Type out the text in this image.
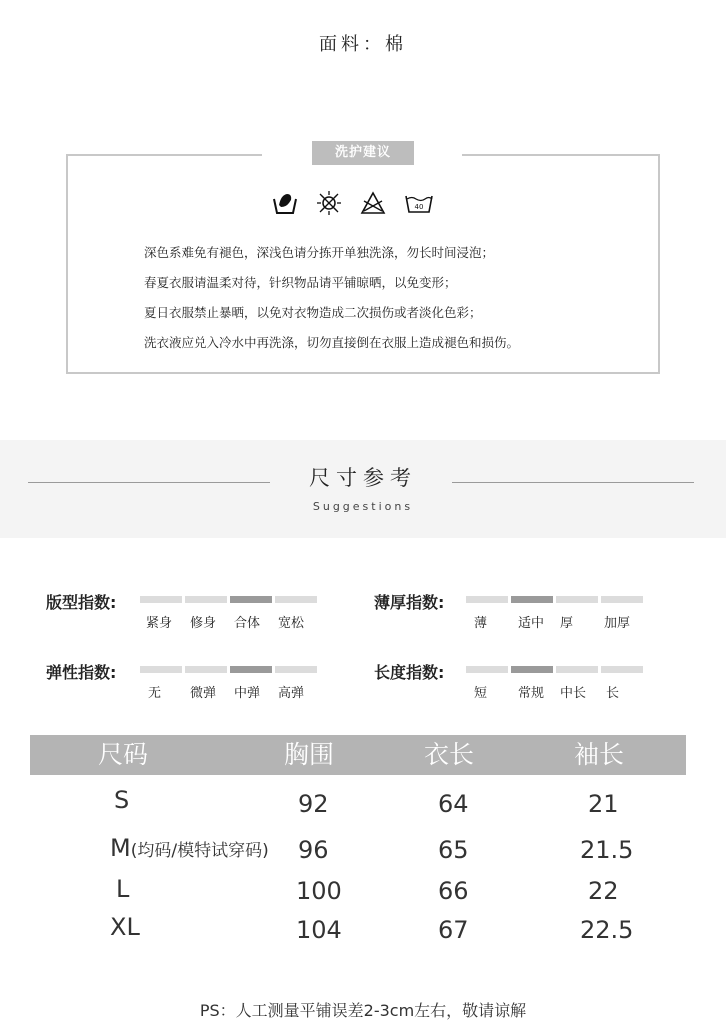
面料：棉
洗护建议
40
深色系难免有褪色，深浅色请分拣开单独洗涤，勿长时间浸泡；
春夏衣服请温柔对待，针织物品请平铺晾晒，以免变形；
夏日衣服禁止暴晒，以免对衣物造成二次损伤或者淡化色彩；
洗衣液应兑入冷水中再洗涤，切勿直接倒在衣服上造成褪色和损伤。
尺寸参考
Suggestions
版型指数:
紧身 修身 合体 宽松
薄厚指数:
薄 适中 厚 加厚
弹性指数:
无 微弹 中弹 高弹
长度指数:
短 常规 中长 长
尺码	胸围	衣长	袖长
S	92	64	21
M(均码/模特试穿码) 96	65	21.5
L	100	66	22
XL	104	67	22.5
PS：人工测量平铺误差2-3cm左右，敬请谅解
